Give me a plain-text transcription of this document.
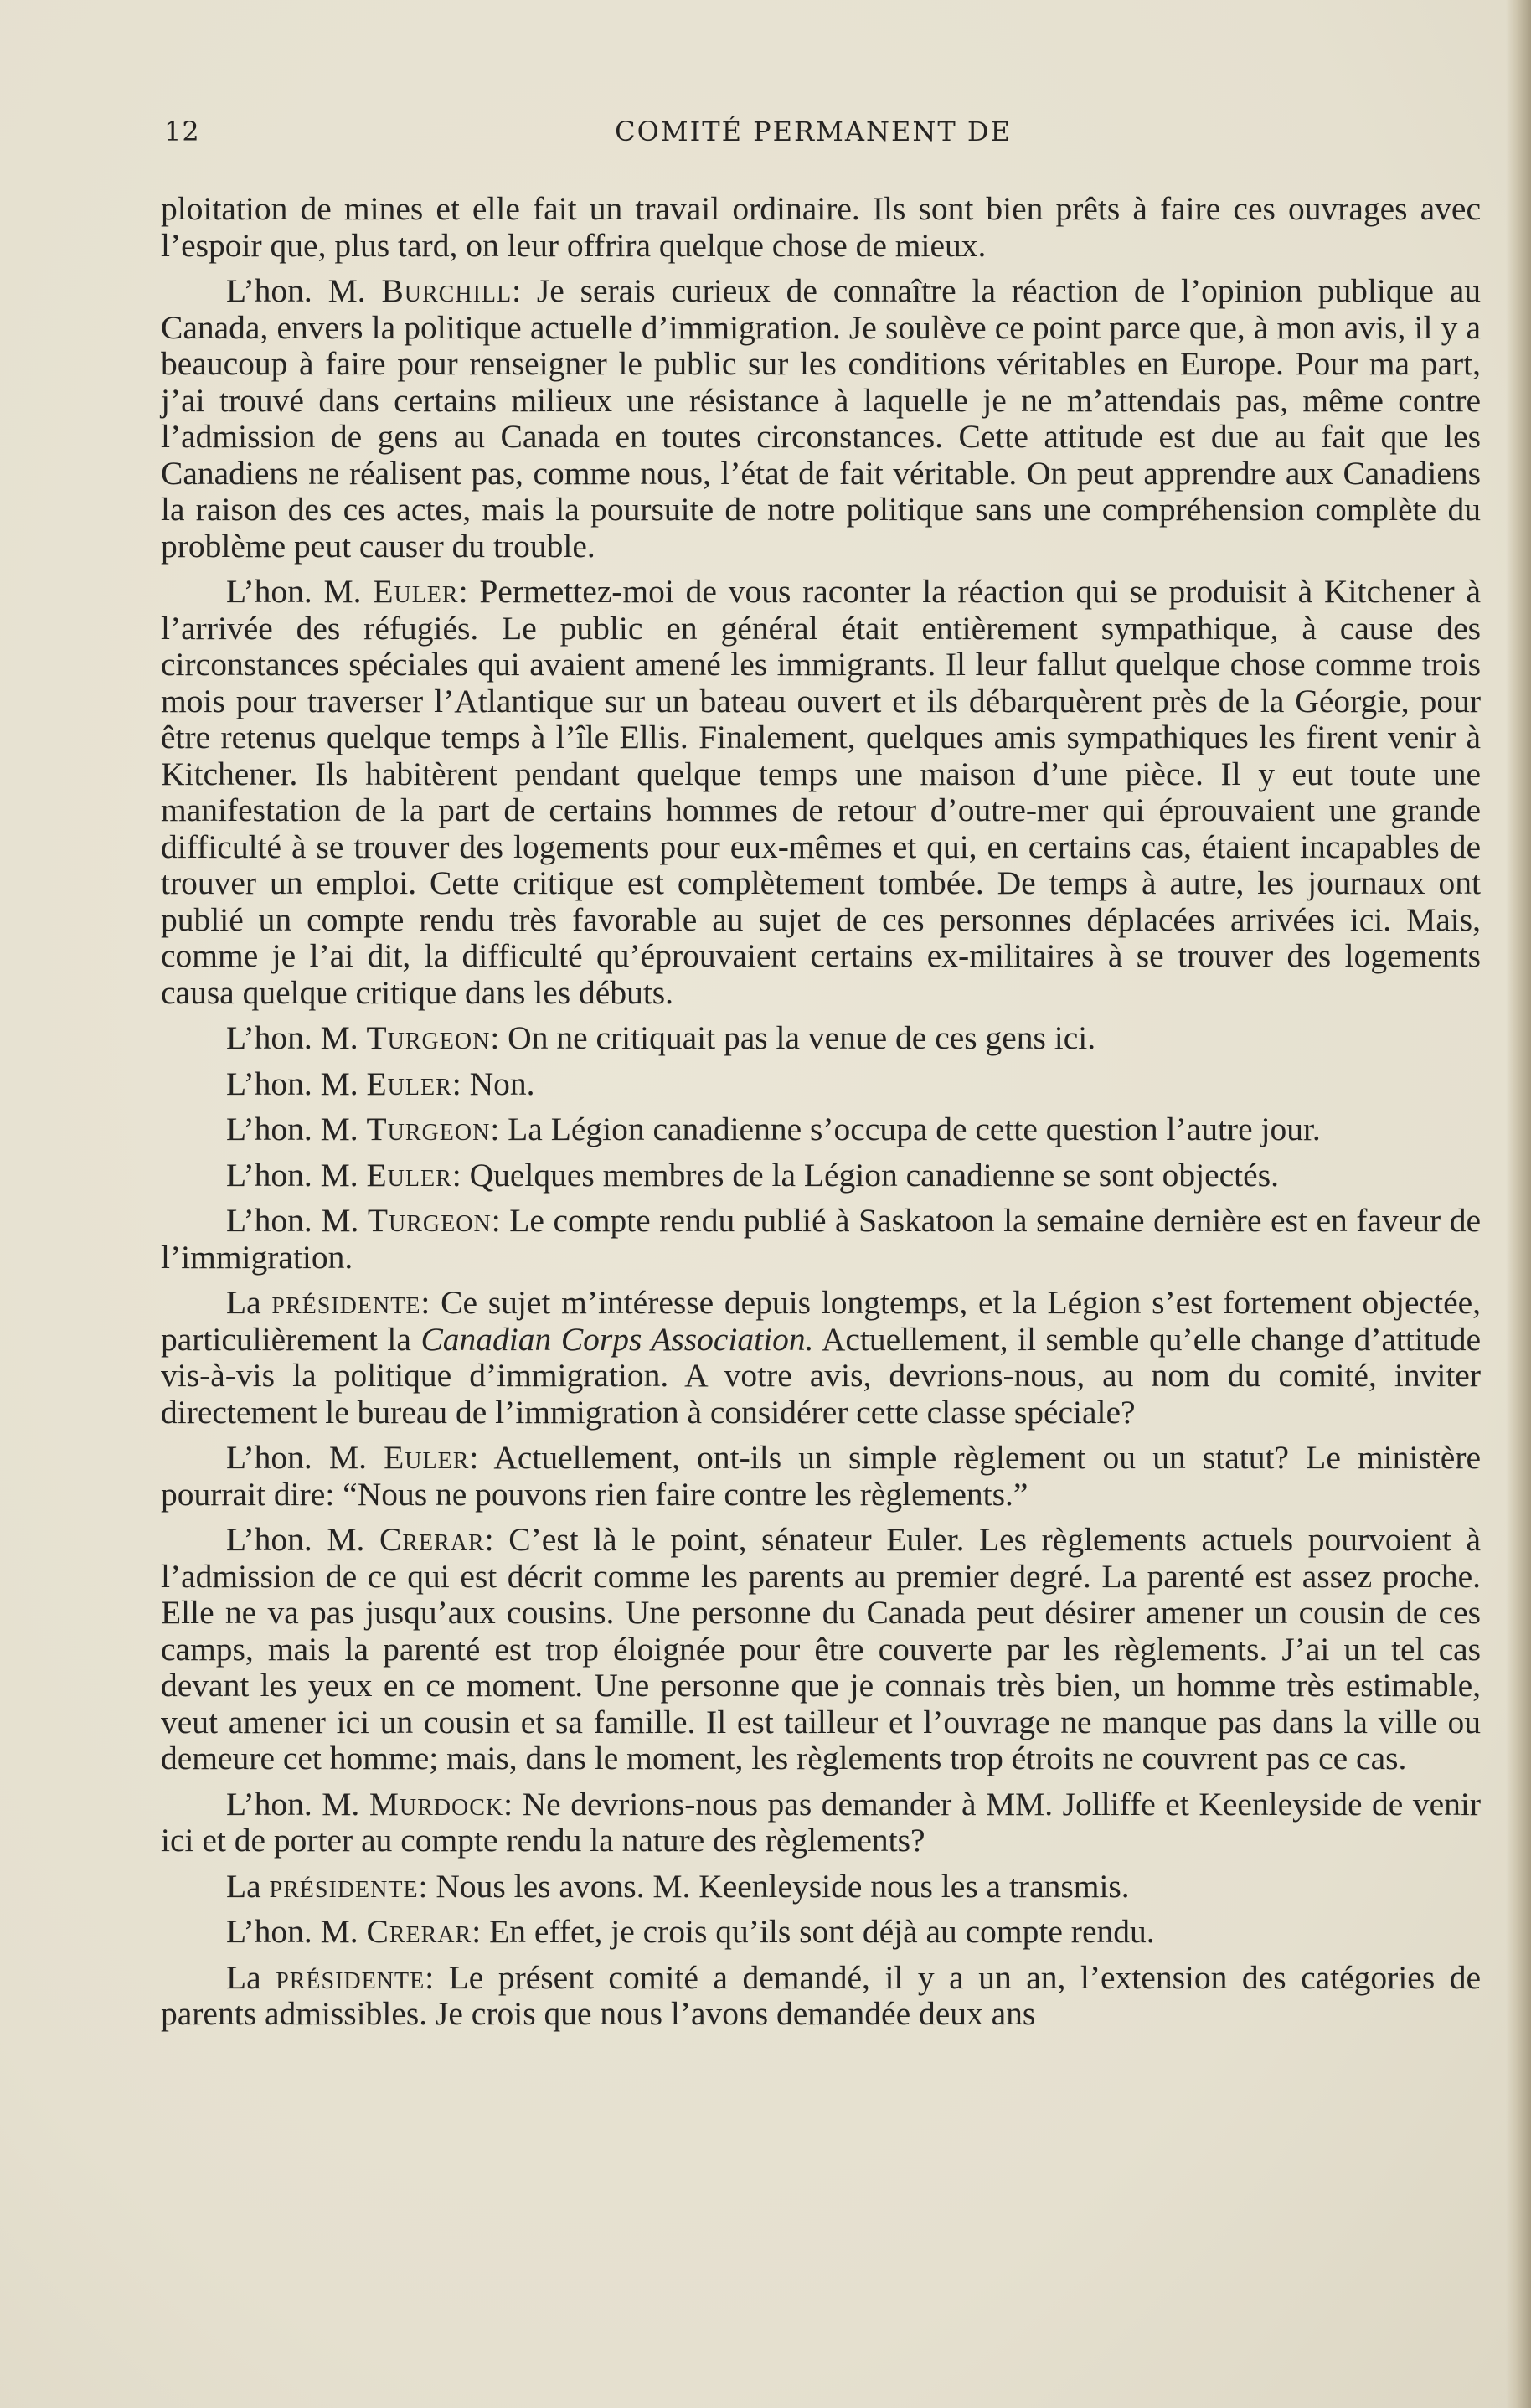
12	COMITÉ PERMANENT DE

ploitation de mines et elle fait un travail ordinaire. Ils sont bien prêts à faire ces ouvrages avec l’espoir que, plus tard, on leur offrira quelque chose de mieux.

L’hon. M. Burchill: Je serais curieux de connaître la réaction de l’opinion publique au Canada, envers la politique actuelle d’immigration. Je soulève ce point parce que, à mon avis, il y a beaucoup à faire pour renseigner le public sur les conditions véritables en Europe. Pour ma part, j’ai trouvé dans certains milieux une résistance à laquelle je ne m’attendais pas, même contre l’admission de gens au Canada en toutes circonstances. Cette attitude est due au fait que les Canadiens ne réalisent pas, comme nous, l’état de fait véritable. On peut apprendre aux Canadiens la raison des ces actes, mais la poursuite de notre politique sans une compréhension complète du problème peut causer du trouble.

L’hon. M. Euler: Permettez-moi de vous raconter la réaction qui se produisit à Kitchener à l’arrivée des réfugiés. Le public en général était entièrement sympathique, à cause des circonstances spéciales qui avaient amené les immigrants. Il leur fallut quelque chose comme trois mois pour traverser l’Atlantique sur un bateau ouvert et ils débarquèrent près de la Géorgie, pour être retenus quelque temps à l’île Ellis. Finalement, quelques amis sympathiques les firent venir à Kitchener. Ils habitèrent pendant quelque temps une maison d’une pièce. Il y eut toute une manifestation de la part de certains hommes de retour d’outre-mer qui éprouvaient une grande difficulté à se trouver des logements pour eux-mêmes et qui, en certains cas, étaient incapables de trouver un emploi. Cette critique est complètement tombée. De temps à autre, les journaux ont publié un compte rendu très favorable au sujet de ces personnes déplacées arrivées ici. Mais, comme je l’ai dit, la difficulté qu’éprouvaient certains ex-militaires à se trouver des logements causa quelque critique dans les débuts.

L’hon. M. Turgeon: On ne critiquait pas la venue de ces gens ici.

L’hon. M. Euler: Non.

L’hon. M. Turgeon: La Légion canadienne s’occupa de cette question l’autre jour.

L’hon. M. Euler: Quelques membres de la Légion canadienne se sont objectés.

L’hon. M. Turgeon: Le compte rendu publié à Saskatoon la semaine dernière est en faveur de l’immigration.

La présidente: Ce sujet m’intéresse depuis longtemps, et la Légion s’est fortement objectée, particulièrement la Canadian Corps Association. Actuellement, il semble qu’elle change d’attitude vis-à-vis la politique d’immigration. A votre avis, devrions-nous, au nom du comité, inviter directement le bureau de l’immigration à considérer cette classe spéciale?

L’hon. M. Euler: Actuellement, ont-ils un simple règlement ou un statut? Le ministère pourrait dire: “Nous ne pouvons rien faire contre les règlements.”

L’hon. M. Crerar: C’est là le point, sénateur Euler. Les règlements actuels pourvoient à l’admission de ce qui est décrit comme les parents au premier degré. La parenté est assez proche. Elle ne va pas jusqu’aux cousins. Une personne du Canada peut désirer amener un cousin de ces camps, mais la parenté est trop éloignée pour être couverte par les règlements. J’ai un tel cas devant les yeux en ce moment. Une personne que je connais très bien, un homme très estimable, veut amener ici un cousin et sa famille. Il est tailleur et l’ouvrage ne manque pas dans la ville ou demeure cet homme; mais, dans le moment, les règlements trop étroits ne couvrent pas ce cas.

L’hon. M. Murdock: Ne devrions-nous pas demander à MM. Jolliffe et Keenleyside de venir ici et de porter au compte rendu la nature des règlements?

La présidente: Nous les avons. M. Keenleyside nous les a transmis.

L’hon. M. Crerar: En effet, je crois qu’ils sont déjà au compte rendu.

La présidente: Le présent comité a demandé, il y a un an, l’extension des catégories de parents admissibles. Je crois que nous l’avons demandée deux ans
